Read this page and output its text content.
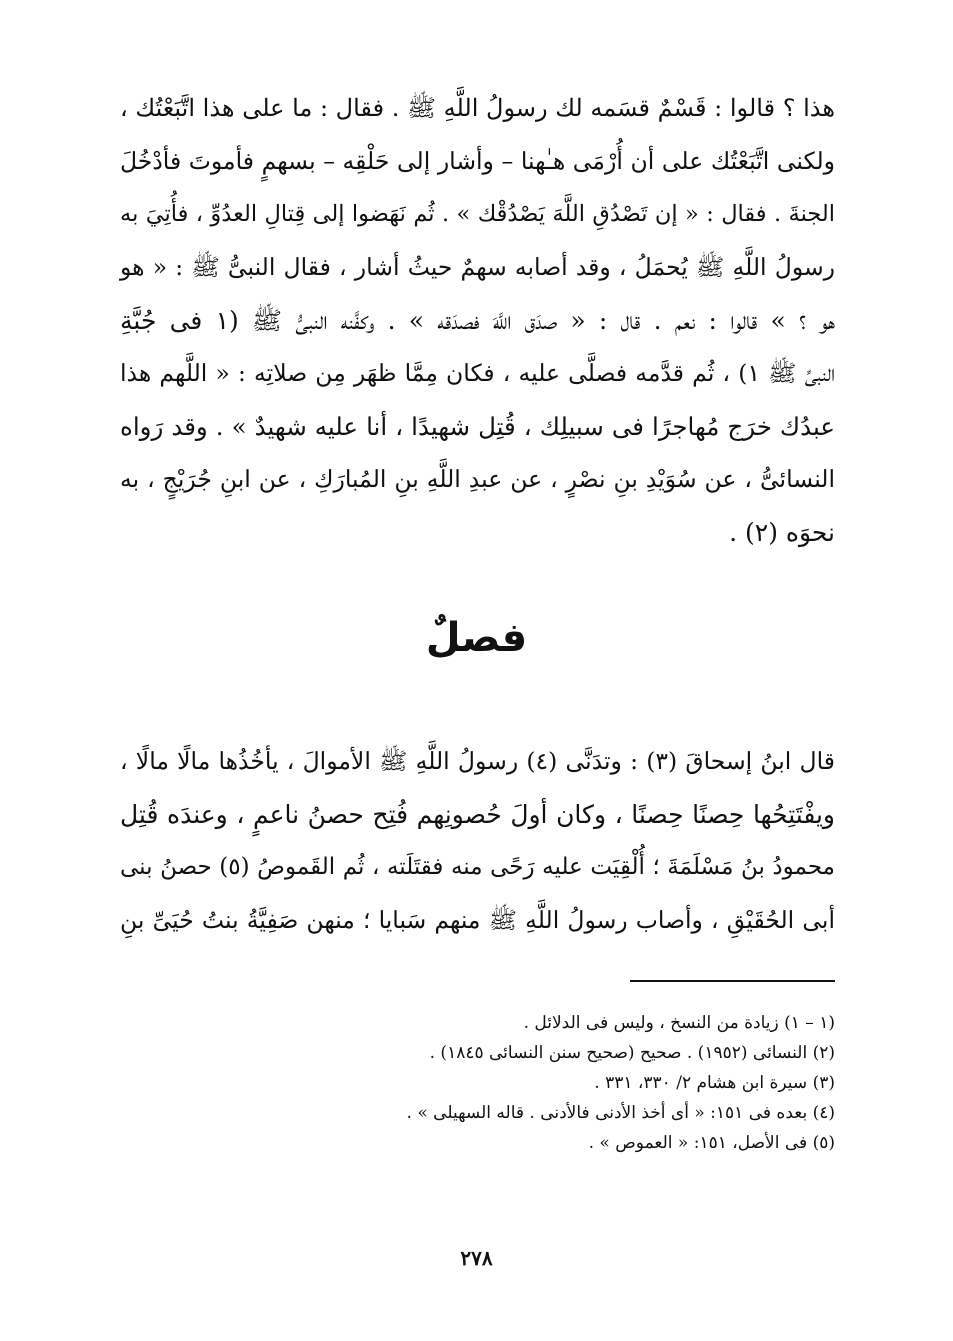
هذا ؟ قالوا : قَسْمٌ قسَمه لك رسولُ اللَّهِ ﷺ . فقال : ما على هذا اتَّبَعْتُك ،
ولكنى اتَّبَعْتُك على أن أُرْمَى هـٰهنا – وأشار إلى حَلْقِه – بسهمٍ فأموتَ فأدْخُلَ
الجنةَ . فقال : « إن تَصْدُقِ اللَّهَ يَصْدُقْك » . ثُم نَهَضوا إلى قِتالِ العدُوِّ ، فأُتِيَ به
رسولُ اللَّهِ ﷺ يُحمَلُ ، وقد أصابه سهمٌ حيثُ أشار ، فقال النبىُّ ﷺ : « هو
هو ؟ » قالوا : نعم . قال : « صدَق اللَّهَ فصدَقه » . وكفَّنه النبىُّ ﷺ (١ فى جُبَّةِ
النبىِّ ﷺ ١) ، ثُم قدَّمه فصلَّى عليه ، فكان مِمَّا ظهَر مِن صلاتِه : « اللَّهم هذا
عبدُك خرَج مُهاجرًا فى سبيلِك ، قُتِل شهيدًا ، أنا عليه شهيدٌ » . وقد رَواه
النسائىُّ ، عن سُوَيْدِ بنِ نصْرٍ ، عن عبدِ اللَّهِ بنِ المُبارَكِ ، عن ابنِ جُرَيْجٍ ، به
نحوَه (٢) .
فصلٌ
قال ابنُ إسحاقَ (٣) : وتدَنَّى (٤) رسولُ اللَّهِ ﷺ الأموالَ ، يأخُذُها مالًا مالًا ،
ويفْتَتِحُها حِصنًا حِصنًا ، وكان أولَ حُصونِهم فُتِح حصنُ ناعمٍ ، وعندَه قُتِل
محمودُ بنُ مَسْلَمَةَ ؛ أُلْقِيَت عليه رَحًى منه فقتَلَته ، ثُم القَموصُ (٥) حصنُ بنى
أبى الحُقَيْقِ ، وأصاب رسولُ اللَّهِ ﷺ منهم سَبايا ؛ منهن صَفِيَّةُ بنتُ حُيَىِّ بنِ
(١ – ١) زيادة من النسخ ، وليس فى الدلائل .
(٢) النسائى (١٩٥٢) . صحيح (صحيح سنن النسائى ١٨٤٥) .
(٣) سيرة ابن هشام ٢/ ٣٣٠، ٣٣١ .
(٤) بعده فى ١٥١: « أى أخذ الأدنى فالأدنى . قاله السهيلى » .
(٥) فى الأصل، ١٥١: « العموص » .
٢٧٨
